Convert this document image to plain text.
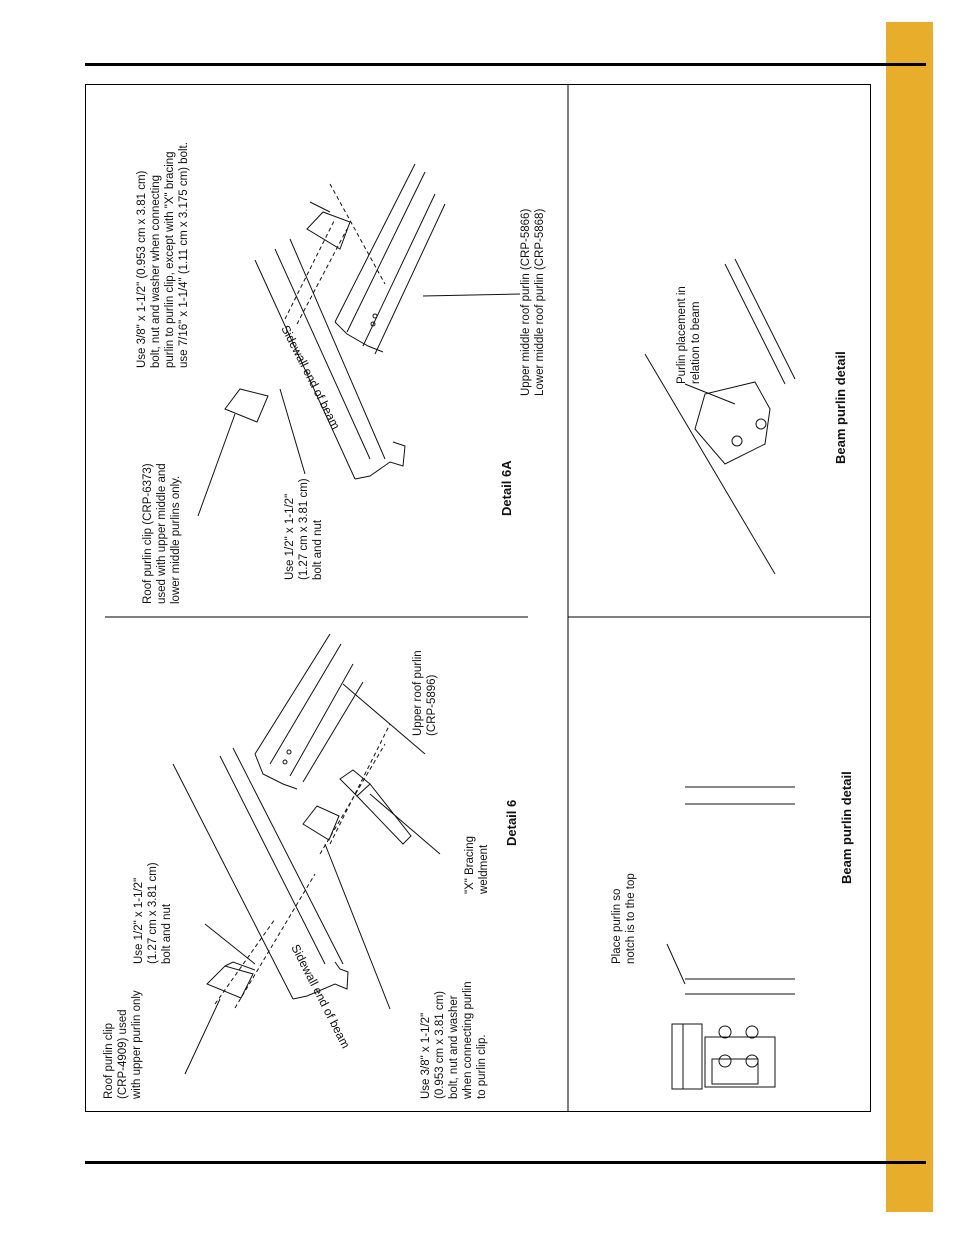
Sidewall end of beam
Sidewall end of beam
Roof purlin clip (CRP-4909) used with upper purlin only
Use 1/2" x 1-1/2" (1.27 cm x 3.81 cm) bolt and nut
Use 3/8" x 1-1/2" (0.953 cm x 3.81 cm) bolt, nut and washer when connecting purlin to purlin clip.
"X" Bracing weldment
Upper roof purlin (CRP-5896)
Detail 6
Roof purlin clip (CRP-6373) used with upper middle and lower middle purlins only.	Use 1/2" x 1-1/2" (1.27 cm x 3.81 cm) bolt and nut
Use 3/8" x 1-1/2" (0.953 cm x 3.81 cm) bolt, nut and washer when connecting purlin to purlin clip, except with "X" bracing use 7/16" x 1-1/4" (1.11 cm x 3.175 cm) bolt.	Upper middle roof purlin (CRP-5866) Lower middle roof purlin (CRP-5868)
Detail 6A
Place purlin so notch is to the top
Beam purlin detail
Purlin placement in relation to beam
Beam purlin detail
